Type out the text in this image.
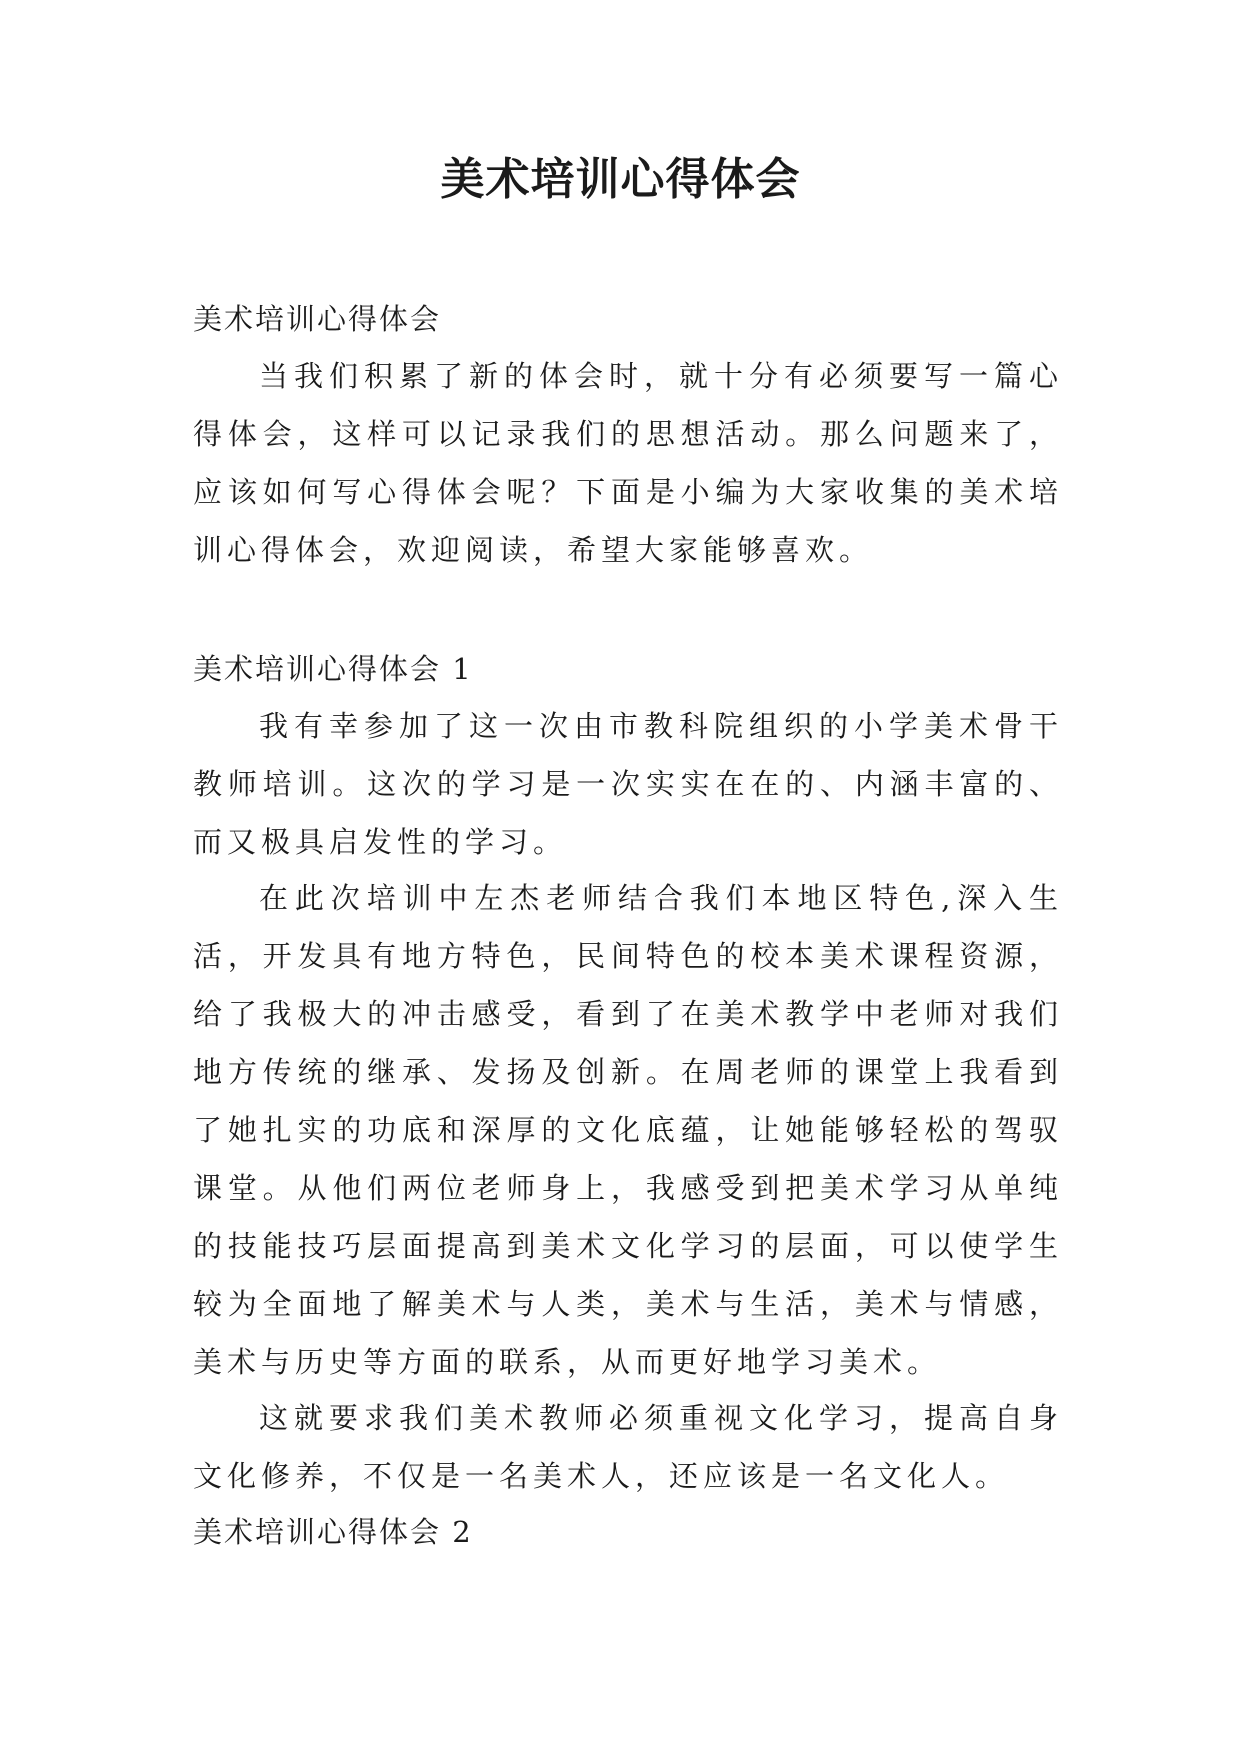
美术培训心得体会

美术培训心得体会

当我们积累了新的体会时，就十分有必须要写一篇心得体会，这样可以记录我们的思想活动。那么问题来了，应该如何写心得体会呢？下面是小编为大家收集的美术培训心得体会，欢迎阅读，希望大家能够喜欢。

美术培训心得体会 1

我有幸参加了这一次由市教科院组织的小学美术骨干教师培训。这次的学习是一次实实在在的、内涵丰富的、而又极具启发性的学习。

在此次培训中左杰老师结合我们本地区特色,深入生活，开发具有地方特色，民间特色的校本美术课程资源，给了我极大的冲击感受，看到了在美术教学中老师对我们地方传统的继承、发扬及创新。在周老师的课堂上我看到了她扎实的功底和深厚的文化底蕴，让她能够轻松的驾驭课堂。从他们两位老师身上，我感受到把美术学习从单纯的技能技巧层面提高到美术文化学习的层面，可以使学生较为全面地了解美术与人类，美术与生活，美术与情感，美术与历史等方面的联系，从而更好地学习美术。

这就要求我们美术教师必须重视文化学习，提高自身文化修养，不仅是一名美术人，还应该是一名文化人。

美术培训心得体会 2
